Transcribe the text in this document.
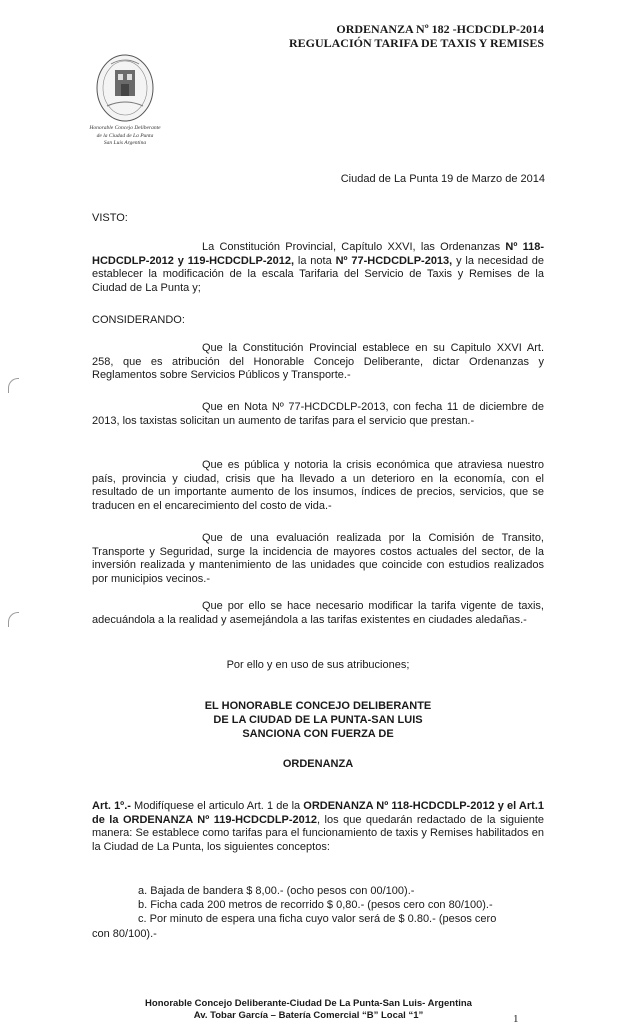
ORDENANZA Nº 182 -HCDCDLP-2014
REGULACIÓN TARIFA DE TAXIS Y REMISES
Honorable Concejo Deliberante
de la Ciudad de La Punta
San Luis Argentina
Ciudad de La Punta 19 de Marzo de 2014
VISTO:
La Constitución Provincial, Capítulo XXVI, las Ordenanzas Nº 118-HCDCDLP-2012 y 119-HCDCDLP-2012, la nota Nº 77-HCDCDLP-2013, y la necesidad de establecer la modificación de la escala Tarifaria del Servicio de Taxis y Remises de la Ciudad de La Punta y;
CONSIDERANDO:
Que la Constitución Provincial establece en su Capitulo XXVI Art. 258, que es atribución del Honorable Concejo Deliberante, dictar Ordenanzas y Reglamentos sobre Servicios Públicos y Transporte.-
Que en Nota Nº 77-HCDCDLP-2013, con fecha 11 de diciembre de 2013, los taxistas solicitan un aumento de tarifas para el servicio que prestan.-
Que es pública y notoria la crisis económica que atraviesa nuestro país, provincia y ciudad, crisis que ha llevado a un deterioro en la economía, con el resultado de un importante aumento de los insumos, índices de precios, servicios, que se traducen en el encarecimiento del costo de vida.-
Que de una evaluación realizada por la Comisión de Transito, Transporte y Seguridad, surge la incidencia de mayores costos actuales del sector, de la inversión realizada y mantenimiento de las unidades que coincide con estudios realizados por municipios vecinos.-
Que por ello se hace necesario modificar la tarifa vigente de taxis, adecuándola a la realidad y asemejándola a las tarifas existentes en ciudades aledañas.-
Por ello y en uso de sus atribuciones;
EL HONORABLE CONCEJO DELIBERANTE
DE LA CIUDAD DE LA PUNTA-SAN LUIS
SANCIONA CON FUERZA DE
ORDENANZA
Art. 1º.- Modifíquese el articulo Art. 1 de la ORDENANZA Nº 118-HCDCDLP-2012 y el Art.1 de la ORDENANZA Nº 119-HCDCDLP-2012, los que quedarán redactado de la siguiente manera: Se establece como tarifas para el funcionamiento de taxis y Remises habilitados en la Ciudad de La Punta, los siguientes conceptos:
a. Bajada de bandera $ 8,00.- (ocho pesos con 00/100).-
b. Ficha cada 200 metros de recorrido $ 0,80.- (pesos cero con 80/100).-
c. Por minuto de espera una ficha cuyo valor será de $ 0.80.- (pesos cero
con 80/100).-
Honorable Concejo Deliberante-Ciudad De La Punta-San Luis- Argentina
Av. Tobar García – Batería Comercial “B” Local “1”	1
